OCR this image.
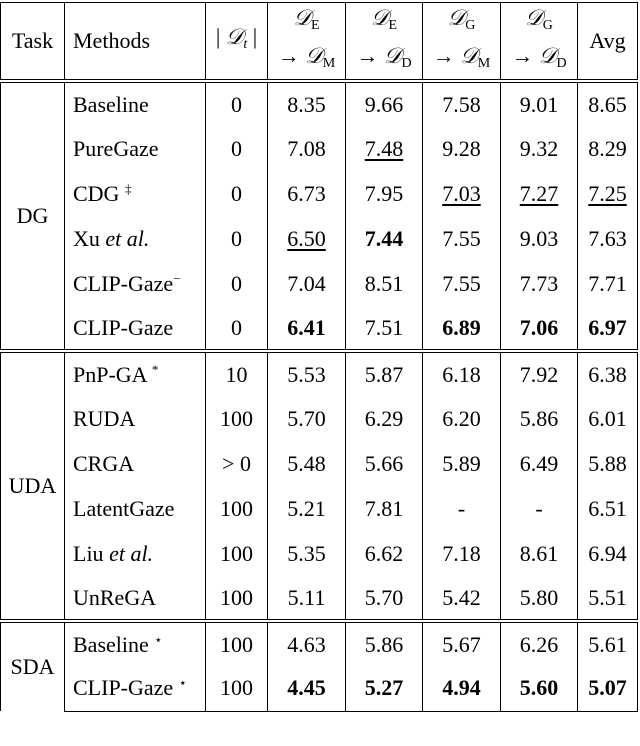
Task	Methods	| 𝒟$_t$ |	𝒟$_E$	𝒟$_E$	𝒟$_G$	𝒟$_G$	Avg
			→ 𝒟$_M$	→ 𝒟$_D$	→ 𝒟$_M$	→ 𝒟$_D$
DG	Baseline	0	8.35	9.66	7.58	9.01	8.65
	PureGaze	0	7.08	7.48	9.28	9.32	8.29
	CDG ‡	0	6.73	7.95	7.03	7.27	7.25
	Xu et al.	0	6.50	7.44	7.55	9.03	7.63
	CLIP-Gaze−	0	7.04	8.51	7.55	7.73	7.71
	CLIP-Gaze	0	6.41	7.51	6.89	7.06	6.97
UDA	PnP-GA *	10	5.53	5.87	6.18	7.92	6.38
	RUDA	100	5.70	6.29	6.20	5.86	6.01
	CRGA	> 0	5.48	5.66	5.89	6.49	5.88
	LatentGaze	100	5.21	7.81	-	-	6.51
	Liu et al.	100	5.35	6.62	7.18	8.61	6.94
	UnReGA	100	5.11	5.70	5.42	5.80	5.51
SDA	Baseline ⋆	100	4.63	5.86	5.67	6.26	5.61
	CLIP-Gaze ⋆	100	4.45	5.27	4.94	5.60	5.07
